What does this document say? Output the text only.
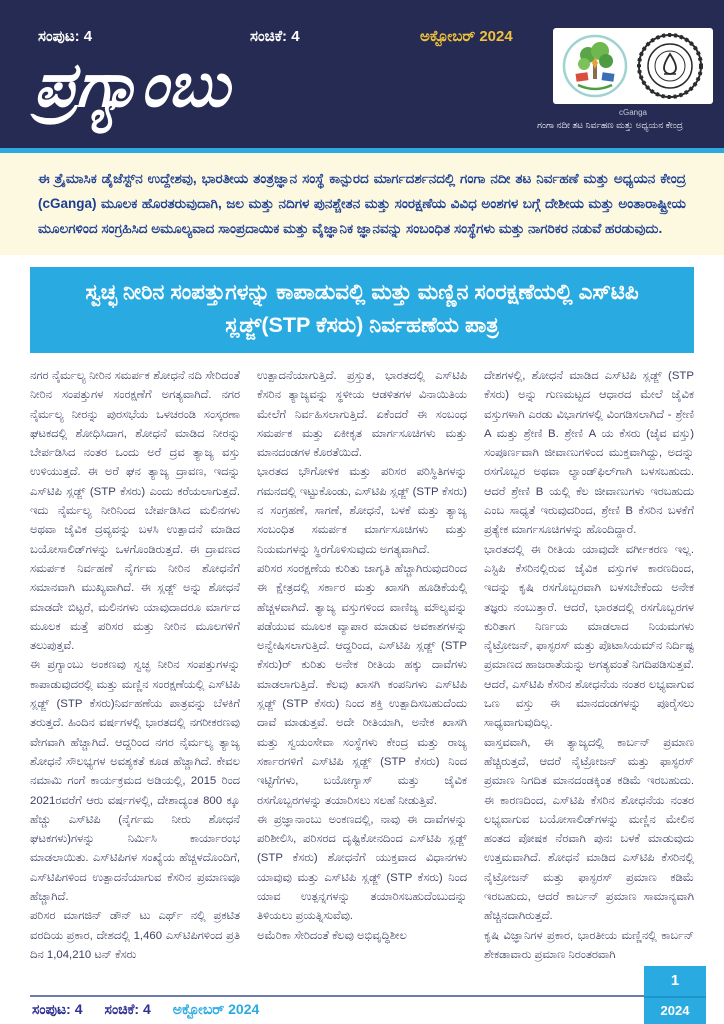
ಸಂಪುಟ: 4	ಸಂಚಿಕೆ: 4	ಅಕ್ಟೋಬರ್ 2024
ಪ್ರಗ್ಯಾಂಬು	cGanga
ಗಂಗಾ ನದೀ ತಟ ನಿರ್ವಹಣ ಮತ್ತು ಅಧ್ಯಯನ ಕೇಂದ್ರ

ಈ ತ್ರೈಮಾಸಿಕ ಡೈಜೆಸ್ಟ್‌ನ ಉದ್ದೇಶವು, ಭಾರತೀಯ ತಂತ್ರಜ್ಞಾನ ಸಂಸ್ಥೆ ಕಾನ್ಪುರದ ಮಾರ್ಗದರ್ಶನದಲ್ಲಿ ಗಂಗಾ ನದೀ ತಟ ನಿರ್ವಹಣೆ ಮತ್ತು ಅಧ್ಯಯನ ಕೇಂದ್ರ (cGanga) ಮೂಲಕ ಹೊರತರುವುದಾಗಿ, ಜಲ ಮತ್ತು ನದಿಗಳ ಪುನಶ್ಚೇತನ ಮತ್ತು ಸಂರಕ್ಷಣೆಯ ವಿವಿಧ ಅಂಶಗಳ ಬಗ್ಗೆ ದೇಶೀಯ ಮತ್ತು ಅಂತಾರಾಷ್ಟ್ರೀಯ ಮೂಲಗಳಿಂದ ಸಂಗ್ರಹಿಸಿದ ಅಮೂಲ್ಯವಾದ ಸಾಂಪ್ರದಾಯಿಕ ಮತ್ತು ವೈಜ್ಞಾನಿಕ ಜ್ಞಾನವನ್ನು ಸಂಬಂಧಿತ ಸಂಸ್ಥೆಗಳು ಮತ್ತು ನಾಗರಿಕರ ನಡುವೆ ಹರಡುವುದು.

ಸ್ವಚ್ಛ ನೀರಿನ ಸಂಪತ್ತುಗಳನ್ನು ಕಾಪಾಡುವಲ್ಲಿ ಮತ್ತು ಮಣ್ಣಿನ ಸಂರಕ್ಷಣೆಯಲ್ಲಿ ಎಸ್‌ಟಿಪಿ ಸ್ಲಡ್ಜ್(STP ಕೆಸರು) ನಿರ್ವಹಣೆಯ ಪಾತ್ರ

ನಗರ ನೈರ್ಮಲ್ಯ ನೀರಿನ ಸಮರ್ಪಕ ಶೋಧನೆ ನದಿ ಸೇರಿದಂತೆ ನೀರಿನ ಸಂಪತ್ತುಗಳ ಸಂರಕ್ಷಣೆಗೆ ಅಗತ್ಯವಾಗಿದೆ. ನಗರ ನೈರ್ಮಲ್ಯ ನೀರನ್ನು ಪುರಸಭೆಯ ಒಳಚರಂಡಿ ಸಂಸ್ಕರಣಾ ಘಟಕದಲ್ಲಿ ಶೋಧಿಸಿದಾಗ, ಶೋಧನೆ ಮಾಡಿದ ನೀರನ್ನು ಬೇರ್ಪಡಿಸಿದ ನಂತರ ಒಂದು ಅರೆ ದ್ರವ ತ್ಯಾಜ್ಯ ವಸ್ತು ಉಳಿಯುತ್ತದೆ. ಈ ಅರೆ ಘನ ತ್ಯಾಜ್ಯ ದ್ರಾವಣ, ಇದನ್ನು ಎಸ್‌ಟಿಪಿ ಸ್ಲಡ್ಜ್ (STP ಕೆಸರು) ಎಂದು ಕರೆಯಲಾಗುತ್ತದೆ. ಇದು ನೈರ್ಮಲ್ಯ ನೀರಿನಿಂದ ಬೇರ್ಪಡಿಸಿದ ಮಲಿನಗಳು ಅಥವಾ ಜೈವಿಕ ದ್ರವ್ಯವನ್ನು ಬಳಸಿ ಉತ್ಪಾದನೆ ಮಾಡಿದ ಬಯೋಸಾಲಿಡ್‌ಗಳನ್ನು ಒಳಗೊಂಡಿರುತ್ತದೆ. ಈ ದ್ರಾವಣದ ಸಮರ್ಪಕ ನಿರ್ವಹಣೆ ನೈರ್ಗಮ ನೀರಿನ ಶೋಧನೆಗೆ ಸಮಾನವಾಗಿ ಮುಖ್ಯವಾಗಿದೆ. ಈ ಸ್ಲಡ್ಜ್ ಅನ್ನು ಶೋಧನೆ ಮಾಡದೇ ಬಿಟ್ಟರೆ, ಮಲಿನಗಳು ಯಾವುದಾದರೂ ಮಾರ್ಗದ ಮೂಲಕ ಮತ್ತೆ ಪರಿಸರ ಮತ್ತು ನೀರಿನ ಮೂಲಗಳಿಗೆ ತಲುಪುತ್ತವೆ.

ಈ ಪ್ರಗ್ಯಾಂಬು ಅಂಕಣವು ಸ್ವಚ್ಛ ನೀರಿನ ಸಂಪತ್ತುಗಳನ್ನು ಕಾಪಾಡುವುದರಲ್ಲಿ ಮತ್ತು ಮಣ್ಣಿನ ಸಂರಕ್ಷಣೆಯಲ್ಲಿ ಎಸ್‌ಟಿಪಿ ಸ್ಲಡ್ಜ್ (STP ಕೆಸರು)ನಿರ್ವಹಣೆಯ ಪಾತ್ರವನ್ನು ಬೆಳಕಿಗೆ ತರುತ್ತದೆ. ಹಿಂದಿನ ವರ್ಷಗಳಲ್ಲಿ ಭಾರತದಲ್ಲಿ ನಗರೀಕರಣವು ವೇಗವಾಗಿ ಹೆಚ್ಚಾಗಿದೆ. ಆದ್ದರಿಂದ ನಗರ ನೈರ್ಮಲ್ಯ ತ್ಯಾಜ್ಯ ಶೋಧನೆ ಸೌಲಭ್ಯಗಳ ಅವಶ್ಯಕತೆ ಕೂಡ ಹೆಚ್ಚಾಗಿದೆ. ಕೇವಲ ನಮಾಮಿ ಗಂಗೆ ಕಾರ್ಯಕ್ರಮದ ಅಡಿಯಲ್ಲಿ, 2015 ರಿಂದ 2021ರವರೆಗೆ ಆರು ವರ್ಷಗಳಲ್ಲಿ, ದೇಶಾದ್ಯಂತ 800 ಕ್ಕೂ ಹೆಚ್ಚು ಎಸ್‌ಟಿಪಿ (ನೈರ್ಗಮ ನೀರು ಶೋಧನೆ ಘಟಕಗಳು)ಗಳನ್ನು ನಿರ್ಮಿಸಿ ಕಾರ್ಯಾರಂಭ ಮಾಡಲಾಯಿತು. ಎಸ್‌ಟಿಪಿಗಳ ಸಂಖ್ಯೆಯ ಹೆಚ್ಚಳದೊಂದಿಗೆ, ಎಸ್‌ಟಿಪಿಗಳಿಂದ ಉತ್ಪಾದನೆಯಾಗುವ ಕೆಸರಿನ ಪ್ರಮಾಣವೂ ಹೆಚ್ಚಾಗಿದೆ.

ಪರಿಸರ ಮಾಗಜಿನ್ ಡೌನ್ ಟು ಎರ್ಥ್ ನಲ್ಲಿ ಪ್ರಕಟಿತ ವರದಿಯ ಪ್ರಕಾರ, ದೇಶದಲ್ಲಿ 1,460 ಎಸ್‌ಟಿಪಿಗಳಿಂದ ಪ್ರತಿ ದಿನ 1,04,210 ಟನ್ ಕೆಸರು

ಉತ್ಪಾದನೆಯಾಗುತ್ತಿದೆ. ಪ್ರಸ್ತುತ, ಭಾರತದಲ್ಲಿ ಎಸ್‌ಟಿಪಿ ಕೆಸರಿನ ತ್ಯಾಜ್ಯವನ್ನು ಸ್ಥಳೀಯ ಆಡಳಿತಗಳ ವಿನಾಯಿತಿಯ ಮೇಲೆಗೆ ನಿರ್ವಹಿಸಲಾಗುತ್ತಿದೆ. ಏಕೆಂದರೆ ಈ ಸಂಬಂಧ ಸಮರ್ಪಕ ಮತ್ತು ಏಕೀಕೃತ ಮಾರ್ಗಸೂಚಿಗಳು ಮತ್ತು ಮಾನದಂಡಗಳ ಕೊರತೆಯಿದೆ.

ಭಾರತದ ಭೌಗೋಳಿಕ ಮತ್ತು ಪರಿಸರ ಪರಿಸ್ಥಿತಿಗಳನ್ನು ಗಮನದಲ್ಲಿ ಇಟ್ಟುಕೊಂಡು, ಎಸ್‌ಟಿಪಿ ಸ್ಲಡ್ಜ್ (STP ಕೆಸರು) ನ ಸಂಗ್ರಹಣೆ, ಸಾಗಣೆ, ಶೋಧನೆ, ಬಳಕೆ ಮತ್ತು ತ್ಯಾಜ್ಯ ಸಂಬಂಧಿತ ಸಮರ್ಪಕ ಮಾರ್ಗಸೂಚಿಗಳು ಮತ್ತು ನಿಯಮಗಳನ್ನು ಸ್ಥಿರಗೊಳಿಸುವುದು ಅಗತ್ಯವಾಗಿದೆ.

ಪರಿಸರ ಸಂರಕ್ಷಣೆಯ ಕುರಿತು ಜಾಗೃತಿ ಹೆಚ್ಚಾಗಿರುವುದರಿಂದ ಈ ಕ್ಷೇತ್ರದಲ್ಲಿ ಸರ್ಕಾರ ಮತ್ತು ಖಾಸಗಿ ಹೂಡಿಕೆಯಲ್ಲಿ ಹೆಚ್ಚಳವಾಗಿದೆ. ತ್ಯಾಜ್ಯ ವಸ್ತುಗಳಿಂದ ವಾಣಿಜ್ಯ ಮೌಲ್ಯವನ್ನು ಪಡೆಯುವ ಮೂಲಕ ವ್ಯಾಪಾರ ಮಾಡುವ ಅವಕಾಶಗಳನ್ನು ಅನ್ವೇಷಿಸಲಾಗುತ್ತಿದೆ. ಆದ್ದರಿಂದ, ಎಸ್‌ಟಿಪಿ ಸ್ಲಡ್ಜ್ (STP ಕೆಸರು)ರ್ ಕುರಿತು ಅನೇಕ ರೀತಿಯ ಹಕ್ಕು ದಾವೆಗಳು ಮಾಡಲಾಗುತ್ತಿದೆ. ಕೆಲವು ಖಾಸಗಿ ಕಂಪನಿಗಳು ಎಸ್‌ಟಿಪಿ ಸ್ಲಡ್ಜ್ (STP ಕೆಸರು) ನಿಂದ ಶಕ್ತಿ ಉತ್ಪಾದಿಸಬಹುದೆಂದು ದಾವೆ ಮಾಡುತ್ತವೆ. ಅದೇ ರೀತಿಯಾಗಿ, ಅನೇಕ ಖಾಸಗಿ ಮತ್ತು ಸ್ವಯಂಸೇವಾ ಸಂಸ್ಥೆಗಳು ಕೇಂದ್ರ ಮತ್ತು ರಾಜ್ಯ ಸರ್ಕಾರಗಳಿಗೆ ಎಸ್‌ಟಿಪಿ ಸ್ಲಡ್ಜ್ (STP ಕೆಸರು) ನಿಂದ ಇಟ್ಟಿಗೆಗಳು, ಬಯೋಗ್ಯಾಸ್ ಮತ್ತು ಜೈವಿಕ ರಸಗೊಬ್ಬರಗಳನ್ನು ತಯಾರಿಸಲು ಸಲಹೆ ನೀಡುತ್ತಿವೆ.

ಈ ಪ್ರಜ್ಞಾನಾಂಬು ಅಂಕಣದಲ್ಲಿ, ನಾವು ಈ ದಾವೆಗಳನ್ನು ಪರಿಶೀಲಿಸಿ, ಪರಿಸರದ ದೃಷ್ಟಿಕೋನದಿಂದ ಎಸ್‌ಟಿಪಿ ಸ್ಲಡ್ಜ್ (STP ಕೆಸರು) ಶೋಧನೆಗೆ ಯುಕ್ತವಾದ ವಿಧಾನಗಳು ಯಾವುವು ಮತ್ತು ಎಸ್‌ಟಿಪಿ ಸ್ಲಡ್ಜ್ (STP ಕೆಸರು) ನಿಂದ ಯಾವ ಉತ್ಪನ್ನಗಳನ್ನು ತಯಾರಿಸಬಹುದೆಂಬುದನ್ನು ತಿಳಿಯಲು ಪ್ರಯತ್ನಿಸುವೆವು.

ಅಮೆರಿಕಾ ಸೇರಿದಂತೆ ಕೆಲವು ಅಭಿವೃದ್ಧಿಶೀಲ

ದೇಶಗಳಲ್ಲಿ, ಶೋಧನೆ ಮಾಡಿದ ಎಸ್‌ಟಿಪಿ ಸ್ಲಡ್ಜ್ (STP ಕೆಸರು) ಅನ್ನು ಗುಣಮಟ್ಟದ ಆಧಾರದ ಮೇಲೆ ಜೈವಿಕ ವಸ್ತುಗಳಾಗಿ ಎರಡು ವಿಭಾಗಗಳಲ್ಲಿ ವಿಂಗಡಿಸಲಾಗಿದೆ - ಶ್ರೇಣಿ A ಮತ್ತು ಶ್ರೇಣಿ B. ಶ್ರೇಣಿ A ಯ ಕೆಸರು (ಜೈವ ವಸ್ತು) ಸಂಪೂರ್ಣವಾಗಿ ಜೀವಾಣುಗಳಿಂದ ಮುಕ್ತವಾಗಿದ್ದು, ಅದನ್ನು ರಸಗೊಬ್ಬರ ಅಥವಾ ಲ್ಯಾಂಡ್‌ಫಿಲ್‌ಗಾಗಿ ಬಳಸಬಹುದು. ಆದರೆ ಶ್ರೇಣಿ B ಯಲ್ಲಿ ಕೆಲ ಜೀವಾಣುಗಳು ಇರಬಹುದು ಎಂಬ ಸಾಧ್ಯತೆ ಇರುವುದರಿಂದ, ಶ್ರೇಣಿ B ಕೆಸರಿನ ಬಳಕೆಗೆ ಪ್ರತ್ಯೇಕ ಮಾರ್ಗಸೂಚಿಗಳನ್ನು ಹೊಂದಿದ್ದಾರೆ.

ಭಾರತದಲ್ಲಿ ಈ ರೀತಿಯ ಯಾವುದೇ ವರ್ಗೀಕರಣ ಇಲ್ಲ. ಎಸ್ಟಿಪಿ ಕೆಸರಿನಲ್ಲಿರುವ ಜೈವಿಕ ವಸ್ತುಗಳ ಕಾರಣದಿಂದ, ಇದನ್ನು ಕೃಷಿ ರಸಗೊಬ್ಬರವಾಗಿ ಬಳಸಬೇಕೆಂದು ಅನೇಕ ತಜ್ಞರು ನಂಬುತ್ತಾರೆ. ಆದರೆ, ಭಾರತದಲ್ಲಿ ರಸಗೊಬ್ಬರಗಳ ಕುರಿತಾಗ ನಿರ್ಣಯ ಮಾಡಲಾದ ನಿಯಮಗಳು ನೈಟ್ರೋಜನ್, ಫಾಸ್ಫರಸ್ ಮತ್ತು ಪೊಟಾಸಿಯಮ್‌ನ ನಿರ್ದಿಷ್ಟ ಪ್ರಮಾಣದ ಹಾಜರಾತೆಯನ್ನು ಅಗತ್ಯವಂತೆ ನಿಗದಿಪಡಿಸುತ್ತವೆ. ಆದರೆ, ಎಸ್‌ಟಿಪಿ ಕೆಸರಿನ ಶೋಧನೆಯ ನಂತರ ಲಭ್ಯವಾಗುವ ಒಣ ವಸ್ತು ಈ ಮಾನದಂಡಗಳನ್ನು ಪೂರೈಸಲು ಸಾಧ್ಯವಾಗುವುದಿಲ್ಲ.

ವಾಸ್ತವವಾಗಿ, ಈ ತ್ಯಾಜ್ಯದಲ್ಲಿ ಕಾರ್ಬನ್ ಪ್ರಮಾಣ ಹೆಚ್ಚಿರುತ್ತದೆ, ಆದರೆ ನೈಟ್ರೋಜನ್ ಮತ್ತು ಫಾಸ್ಫರಸ್ ಪ್ರಮಾಣ ನಿಗದಿತ ಮಾನದಂಡಕ್ಕಿಂತ ಕಡಿಮೆ ಇರಬಹುದು. ಈ ಕಾರಣದಿಂದ, ಎಸ್‌ಟಿಪಿ ಕೆಸರಿನ ಶೋಧನೆಯ ನಂತರ ಲಭ್ಯವಾಗುವ ಬಯೋಸಾಲಿಡ್‌ಗಳನ್ನು ಮಣ್ಣಿನ ಮೇಲಿನ ಹಂತದ ಪೋಷಕ ನೆರವಾಗಿ ಪುನಃ ಬಳಕೆ ಮಾಡುವುದು ಉತ್ತಮವಾಗಿದೆ. ಶೋಧನೆ ಮಾಡಿದ ಎಸ್‌ಟಿಪಿ ಕೆಸರಿನಲ್ಲಿ ನೈಟ್ರೋಜನ್ ಮತ್ತು ಫಾಸ್ಫರಸ್ ಪ್ರಮಾಣ ಕಡಿಮೆ ಇರಬಹುದು, ಆದರೆ ಕಾರ್ಬನ್ ಪ್ರಮಾಣ ಸಾಮಾನ್ಯವಾಗಿ ಹೆಚ್ಚಿನದಾಗಿರುತ್ತದೆ.

ಕೃಷಿ ವಿಜ್ಞಾನಿಗಳ ಪ್ರಕಾರ, ಭಾರತೀಯ ಮಣ್ಣಿನಲ್ಲಿ ಕಾರ್ಬನ್ ಶೇಕಡಾವಾರು ಪ್ರಮಾಣ ನಿರಂತರವಾಗಿ

ಸಂಪುಟ: 4 ಸಂಚಿಕೆ: 4 ಅಕ್ಟೋಬರ್ 2024
1
2024
